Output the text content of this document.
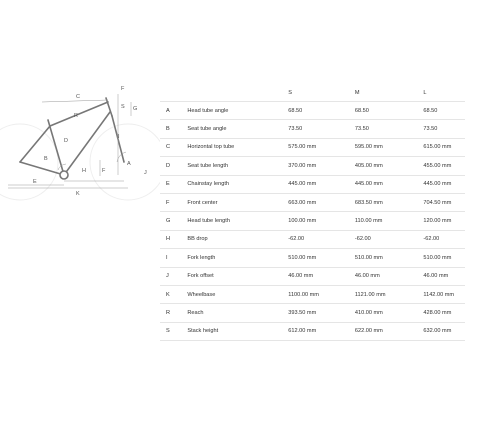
C
R
F
S G
D
I
B
A
J
H	F
E
K
		S	M	L
A	Head tube angle	68.50	68.50	68.50
B	Seat tube angle	73.50	73.50	73.50
C	Horizontal top tube	575.00 mm	595.00 mm	615.00 mm
D	Seat tube length	370.00 mm	405.00 mm	455.00 mm
E	Chainstay length	445.00 mm	445.00 mm	445.00 mm
F	Front center	663.00 mm	683.50 mm	704.50 mm
G	Head tube length	100.00 mm	110.00 mm	120.00 mm
H	BB drop	-62.00	-62.00	-62.00
I	Fork length	510.00 mm	510.00 mm	510.00 mm
J	Fork offset	46.00 mm	46.00 mm	46.00 mm
K	Wheelbase	1100.00 mm	1121.00 mm	1142.00 mm
R	Reach	393.50 mm	410.00 mm	428.00 mm
S	Stack height	612.00 mm	622.00 mm	632.00 mm
